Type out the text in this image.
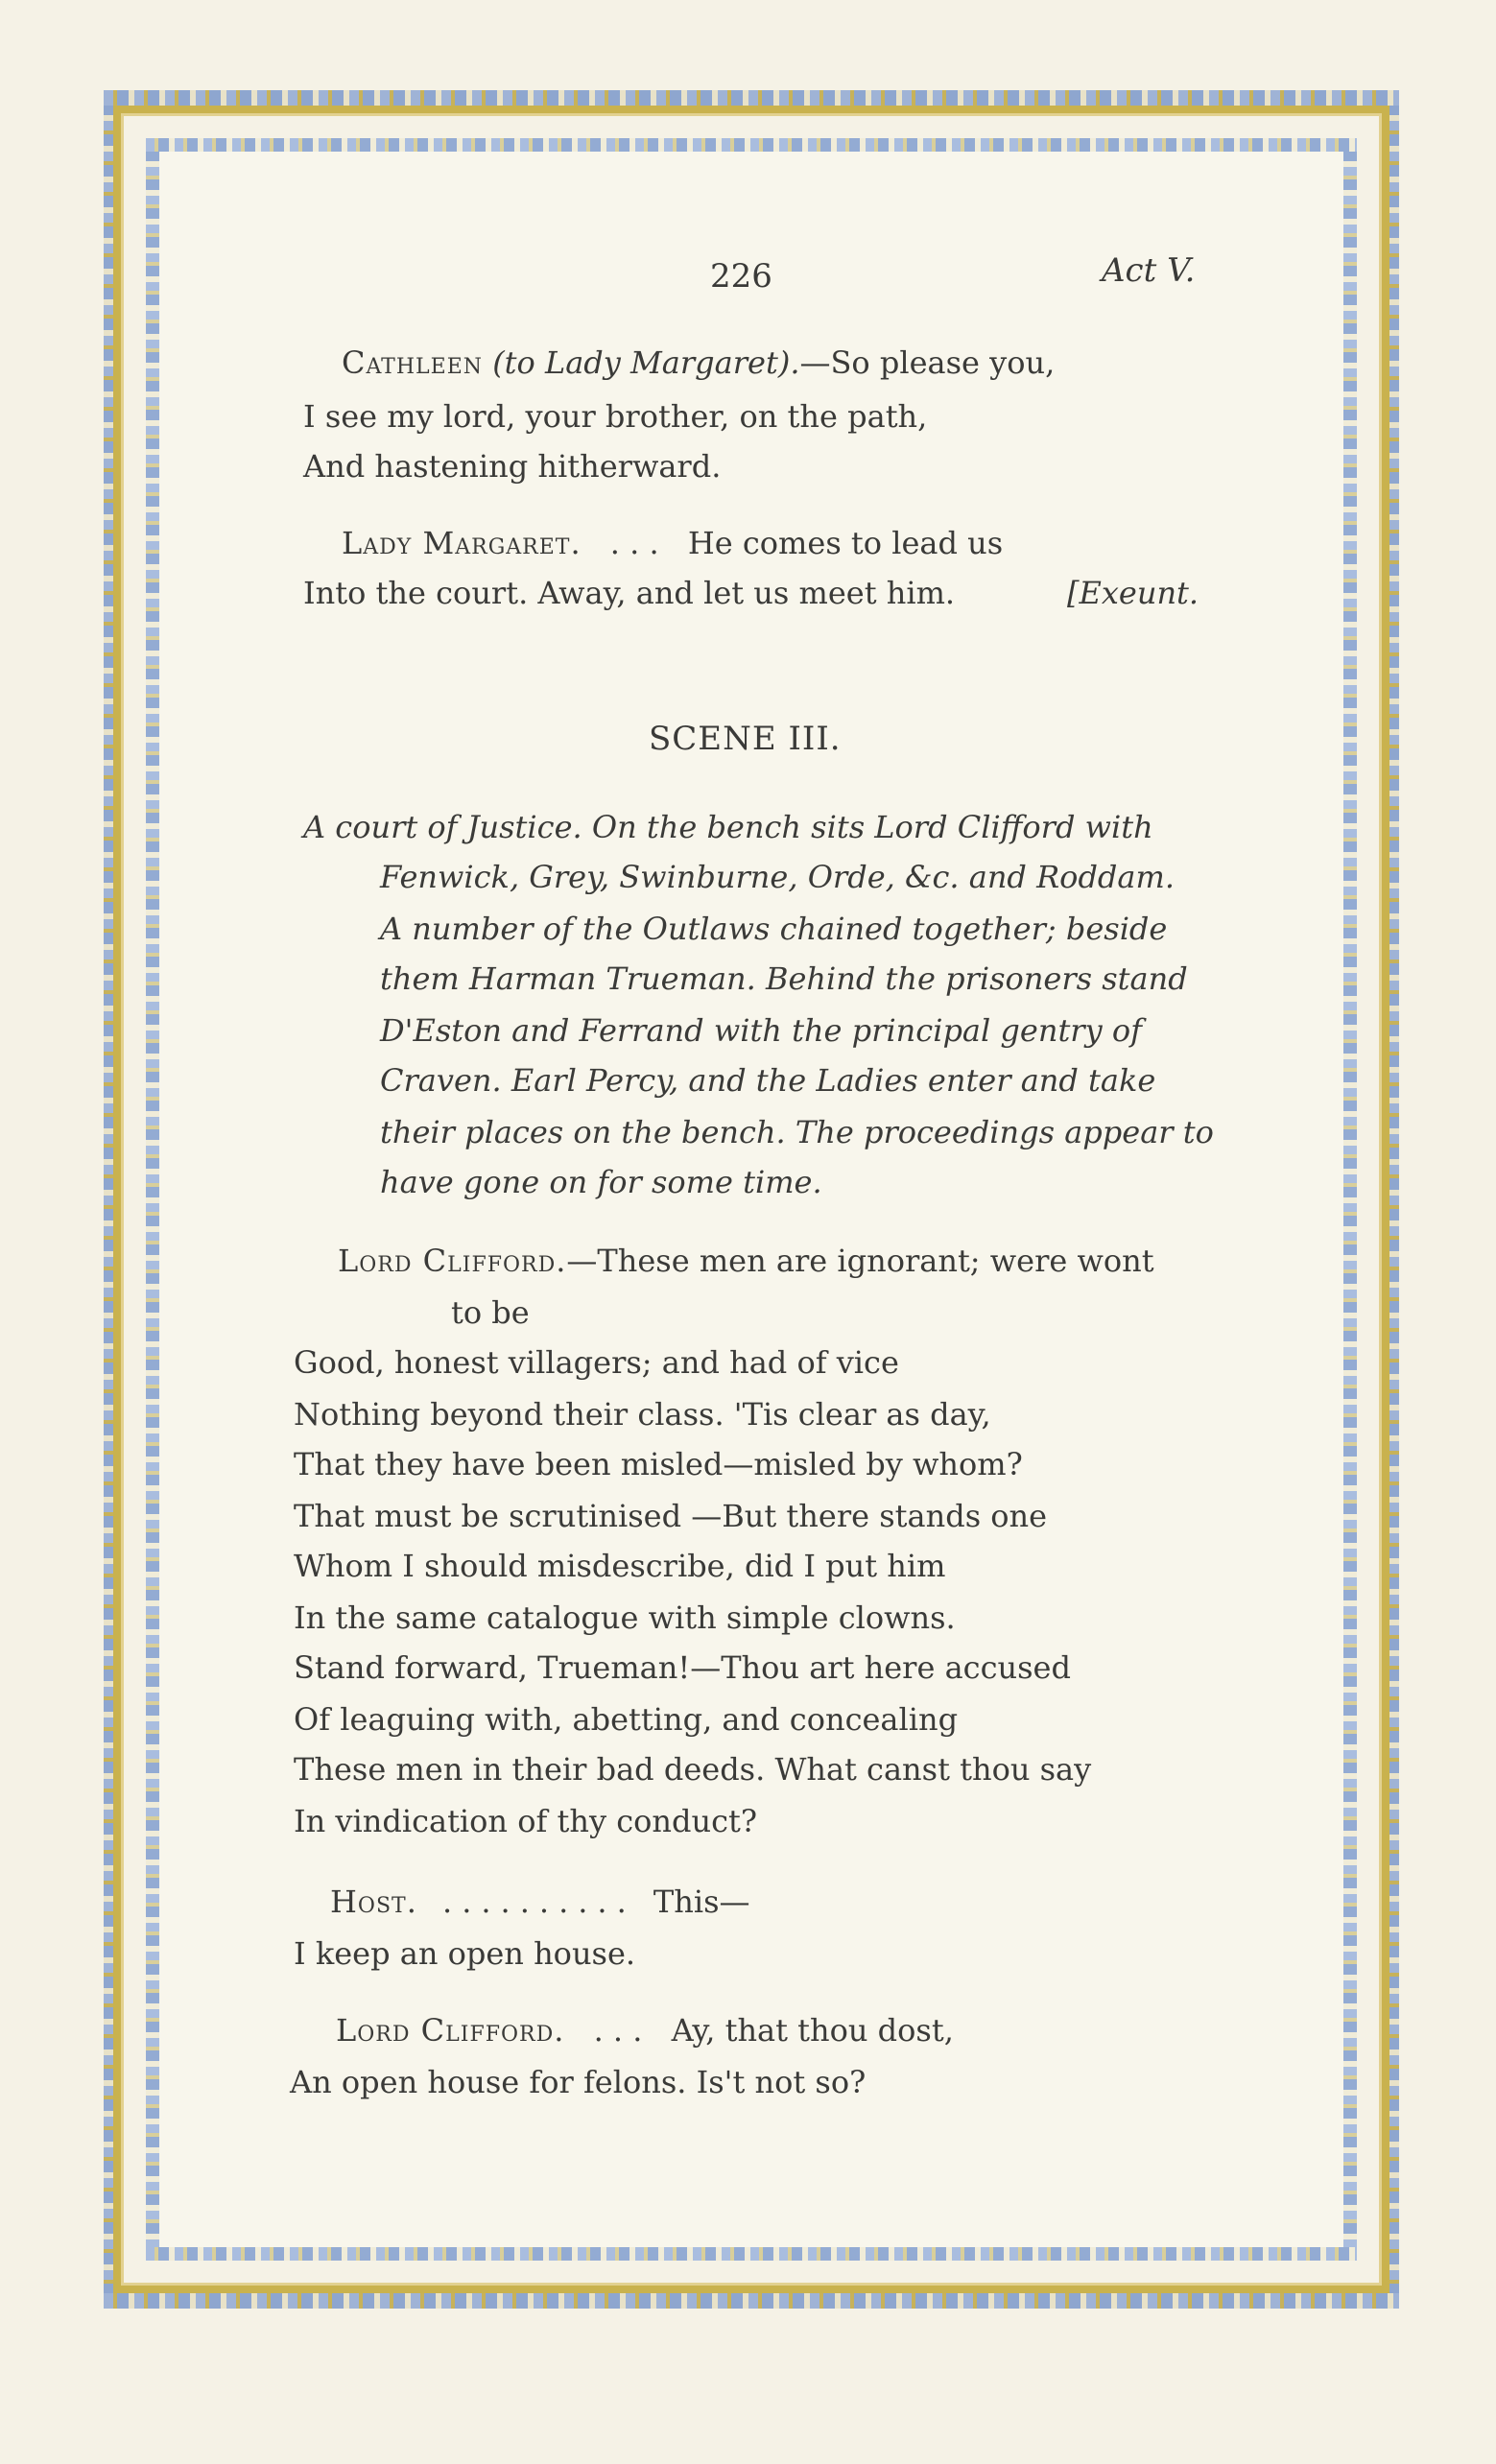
226	Act V.
Cathleen (to Lady Margaret).—So please you,
I see my lord, your brother, on the path,
And hastening hitherward.
Lady Margaret. . . . He comes to lead us
Into the court. Away, and let us meet him.	[Exeunt.
SCENE III.
A court of Justice. On the bench sits Lord Clifford with
Fenwick, Grey, Swinburne, Orde, &c. and Roddam.
A number of the Outlaws chained together; beside
them Harman Trueman. Behind the prisoners stand
D'Eston and Ferrand with the principal gentry of
Craven. Earl Percy, and the Ladies enter and take
their places on the bench. The proceedings appear to
have gone on for some time.
Lord Clifford.—These men are ignorant; were wont
to be
Good, honest villagers; and had of vice
Nothing beyond their class. 'Tis clear as day,
That they have been misled—misled by whom?
That must be scrutinised —But there stands one
Whom I should misdescribe, did I put him
In the same catalogue with simple clowns.
Stand forward, Trueman!—Thou art here accused
Of leaguing with, abetting, and concealing
These men in their bad deeds. What canst thou say
In vindication of thy conduct?
Host. .......... This—
I keep an open house.
Lord Clifford. . . . Ay, that thou dost,
An open house for felons. Is't not so?
